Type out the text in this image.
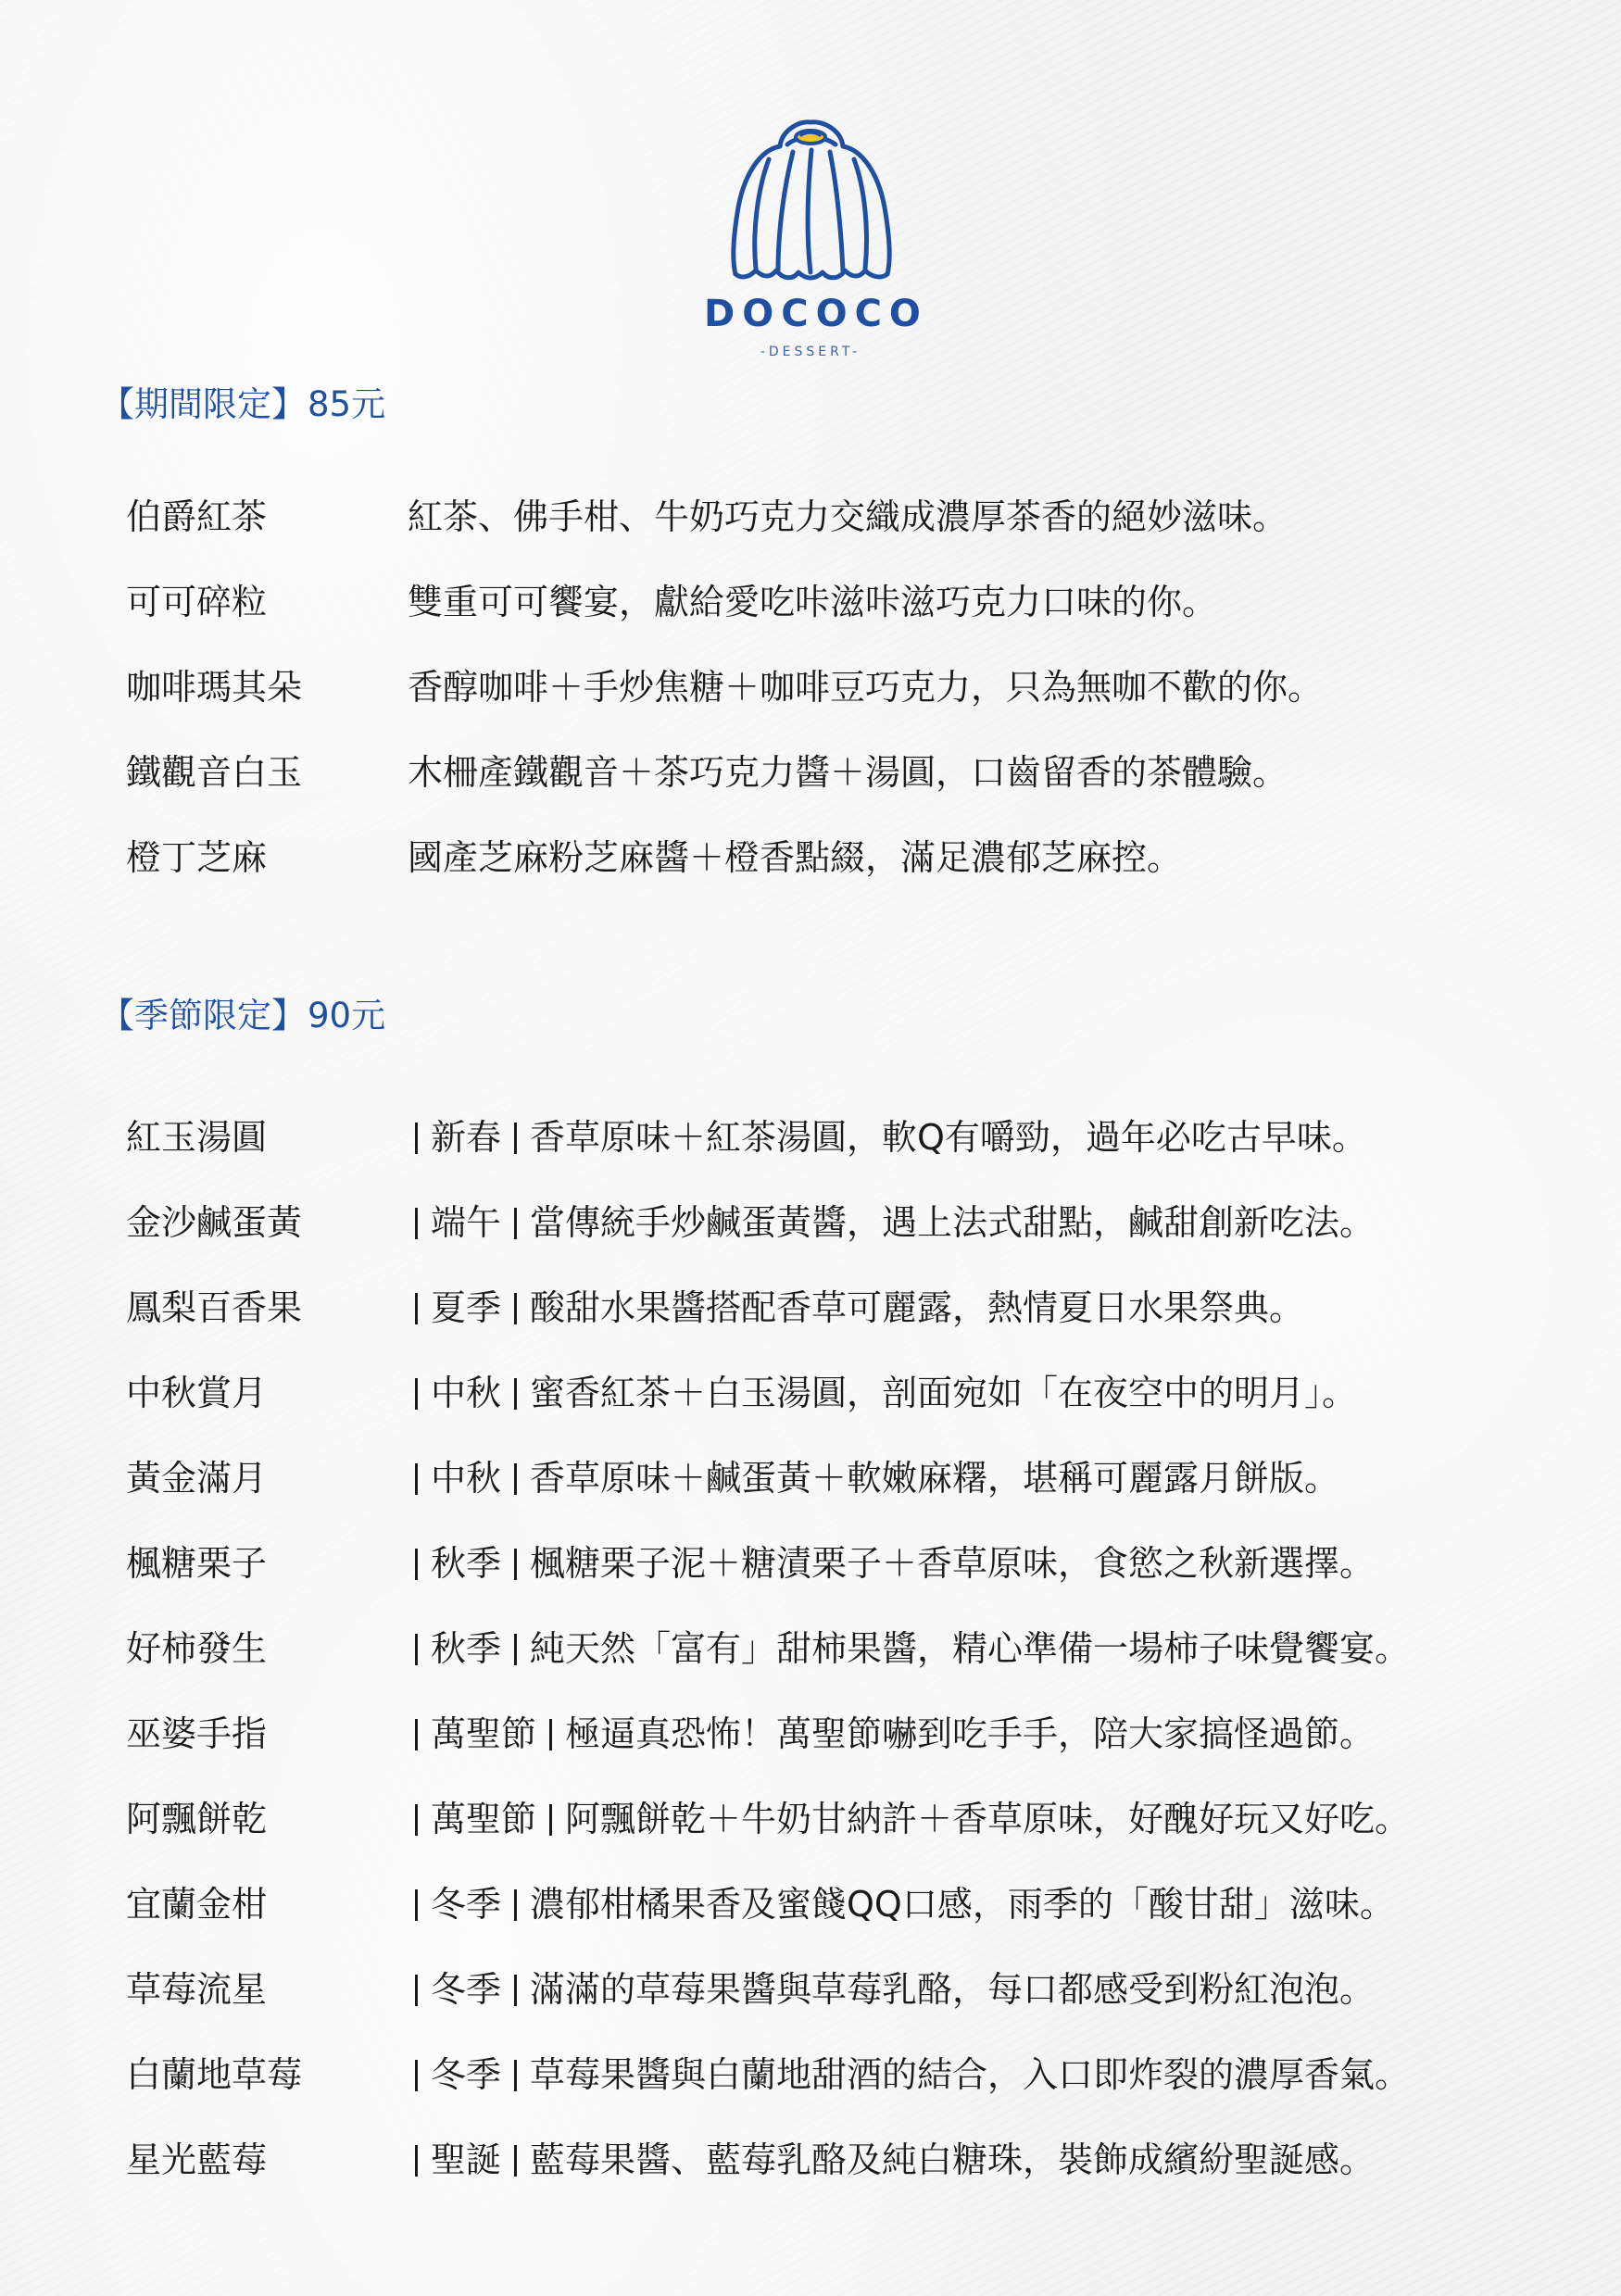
DOCOCO
-DESSERT-
【期間限定】85元
伯爵紅茶	紅茶、佛手柑、牛奶巧克力交織成濃厚茶香的絕妙滋味。
可可碎粒	雙重可可饗宴，獻給愛吃咔滋咔滋巧克力口味的你。
咖啡瑪其朵	香醇咖啡＋手炒焦糖＋咖啡豆巧克力，只為無咖不歡的你。
鐵觀音白玉	木柵產鐵觀音＋茶巧克力醬＋湯圓，口齒留香的茶體驗。
橙丁芝麻	國產芝麻粉芝麻醬＋橙香點綴，滿足濃郁芝麻控。
【季節限定】90元
紅玉湯圓	新春 香草原味＋紅茶湯圓，軟Q有嚼勁，過年必吃古早味。
金沙鹹蛋黃	端午 當傳統手炒鹹蛋黃醬，遇上法式甜點，鹹甜創新吃法。
鳳梨百香果	夏季 酸甜水果醬搭配香草可麗露，熱情夏日水果祭典。
中秋賞月	中秋 蜜香紅茶＋白玉湯圓，剖面宛如「在夜空中的明月」。
黃金滿月	中秋 香草原味＋鹹蛋黃＋軟嫩麻糬，堪稱可麗露月餅版。
楓糖栗子	秋季 楓糖栗子泥＋糖漬栗子＋香草原味，食慾之秋新選擇。
好柿發生	秋季 純天然「富有」甜柿果醬，精心準備一場柿子味覺饗宴。
巫婆手指	萬聖節 極逼真恐怖！萬聖節嚇到吃手手，陪大家搞怪過節。
阿飄餅乾	萬聖節 阿飄餅乾＋牛奶甘納許＋香草原味，好醜好玩又好吃。
宜蘭金柑	冬季 濃郁柑橘果香及蜜餞QQ口感，雨季的「酸甘甜」滋味。
草莓流星	冬季 滿滿的草莓果醬與草莓乳酪，每口都感受到粉紅泡泡。
白蘭地草莓	冬季 草莓果醬與白蘭地甜酒的結合，入口即炸裂的濃厚香氣。
星光藍莓	聖誕 藍莓果醬、藍莓乳酪及純白糖珠，裝飾成繽紛聖誕感。
